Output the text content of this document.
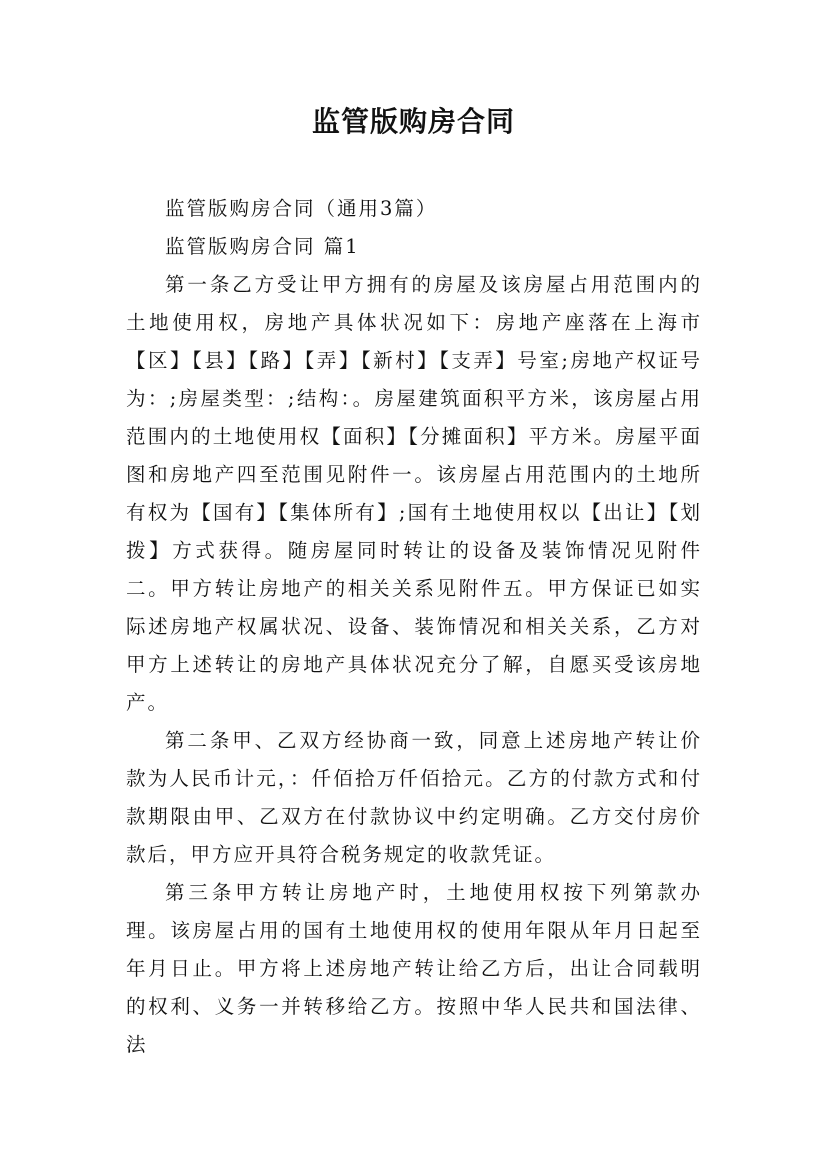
监管版购房合同

监管版购房合同（通用3篇）

监管版购房合同 篇1

第一条乙方受让甲方拥有的房屋及该房屋占用范围内的土地使用权，房地产具体状况如下：房地产座落在上海市【区】【县】【路】【弄】【新村】【支弄】号室;房地产权证号为：;房屋类型：;结构：。房屋建筑面积平方米，该房屋占用范围内的土地使用权【面积】【分摊面积】平方米。房屋平面图和房地产四至范围见附件一。该房屋占用范围内的土地所有权为【国有】【集体所有】;国有土地使用权以【出让】【划拨】方式获得。随房屋同时转让的设备及装饰情况见附件二。甲方转让房地产的相关关系见附件五。甲方保证已如实际述房地产权属状况、设备、装饰情况和相关关系，乙方对甲方上述转让的房地产具体状况充分了解，自愿买受该房地产。

第二条甲、乙双方经协商一致，同意上述房地产转让价款为人民币计元，：仟佰拾万仟佰拾元。乙方的付款方式和付款期限由甲、乙双方在付款协议中约定明确。乙方交付房价款后，甲方应开具符合税务规定的收款凭证。

第三条甲方转让房地产时，土地使用权按下列第款办理。该房屋占用的国有土地使用权的使用年限从年月日起至年月日止。甲方将上述房地产转让给乙方后，出让合同载明的权利、义务一并转移给乙方。按照中华人民共和国法律、法
